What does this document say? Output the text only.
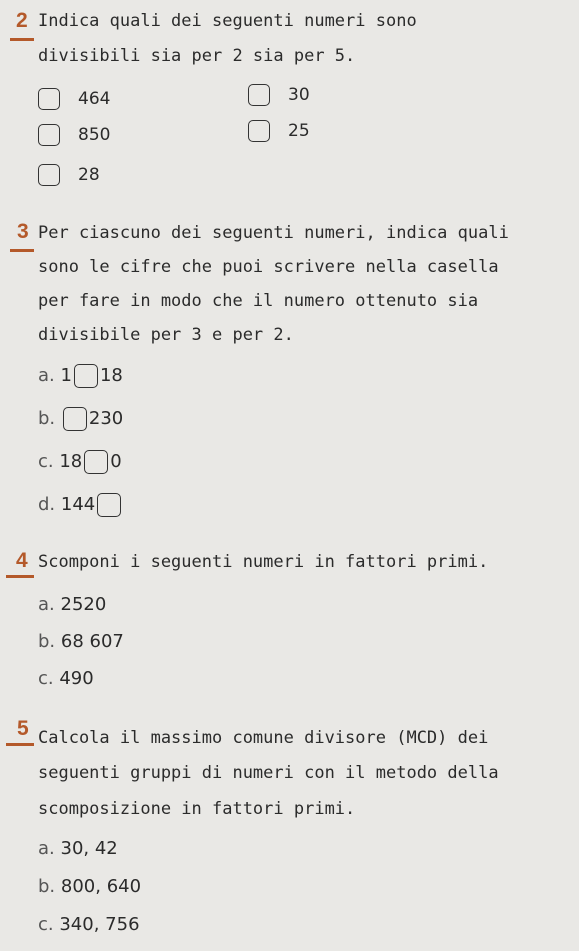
2 Indica quali dei seguenti numeri sono
divisibili sia per 2 sia per 5.
464	30
850	25
28
3 Per ciascuno dei seguenti numeri, indica quali
sono le cifre che puoi scrivere nella casella
per fare in modo che il numero ottenuto sia
divisibile per 3 e per 2.
a. 1 18
b. 230
c. 18 0
d. 144
4 Scomponi i seguenti numeri in fattori primi.
a. 2520
b. 68 607
c. 490
5 Calcola il massimo comune divisore (MCD) dei
seguenti gruppi di numeri con il metodo della
scomposizione in fattori primi.
a. 30, 42
b. 800, 640
c. 340, 756
